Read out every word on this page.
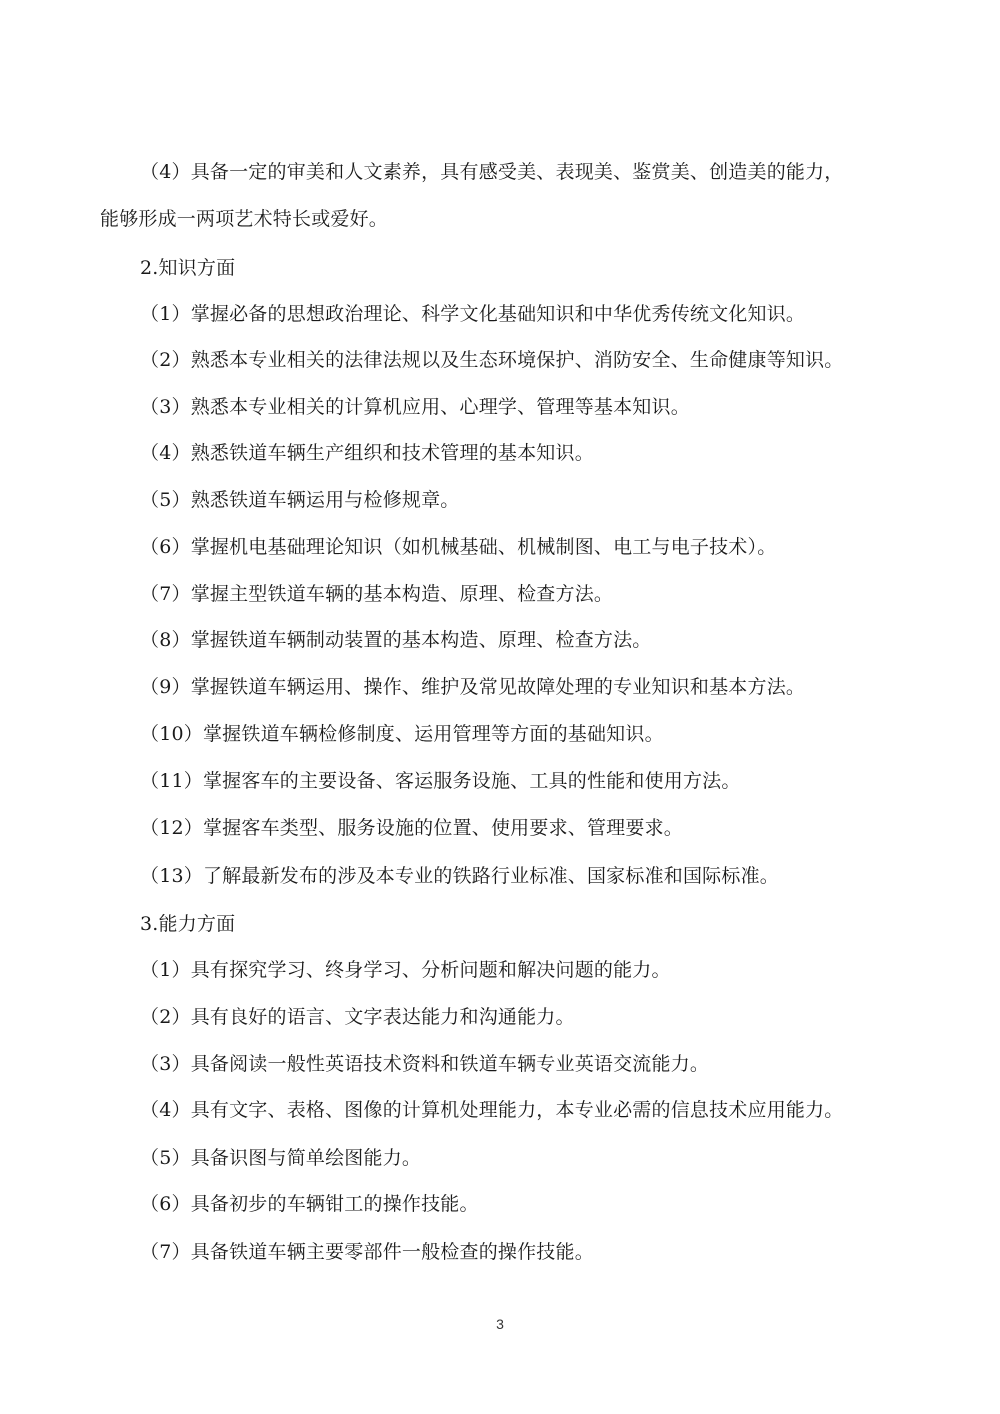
（4）具备一定的审美和人文素养，具有感受美、表现美、鉴赏美、创造美的能力，
能够形成一两项艺术特长或爱好。
2.知识方面
（1）掌握必备的思想政治理论、科学文化基础知识和中华优秀传统文化知识。
（2）熟悉本专业相关的法律法规以及生态环境保护、消防安全、生命健康等知识。
（3）熟悉本专业相关的计算机应用、心理学、管理等基本知识。
（4）熟悉铁道车辆生产组织和技术管理的基本知识。
（5）熟悉铁道车辆运用与检修规章。
（6）掌握机电基础理论知识（如机械基础、机械制图、电工与电子技术）。
（7）掌握主型铁道车辆的基本构造、原理、检查方法。
（8）掌握铁道车辆制动装置的基本构造、原理、检查方法。
（9）掌握铁道车辆运用、操作、维护及常见故障处理的专业知识和基本方法。
（10）掌握铁道车辆检修制度、运用管理等方面的基础知识。
（11）掌握客车的主要设备、客运服务设施、工具的性能和使用方法。
（12）掌握客车类型、服务设施的位置、使用要求、管理要求。
（13）了解最新发布的涉及本专业的铁路行业标准、国家标准和国际标准。
3.能力方面
（1）具有探究学习、终身学习、分析问题和解决问题的能力。
（2）具有良好的语言、文字表达能力和沟通能力。
（3）具备阅读一般性英语技术资料和铁道车辆专业英语交流能力。
（4）具有文字、表格、图像的计算机处理能力，本专业必需的信息技术应用能力。
（5）具备识图与简单绘图能力。
（6）具备初步的车辆钳工的操作技能。
（7）具备铁道车辆主要零部件一般检查的操作技能。
3
